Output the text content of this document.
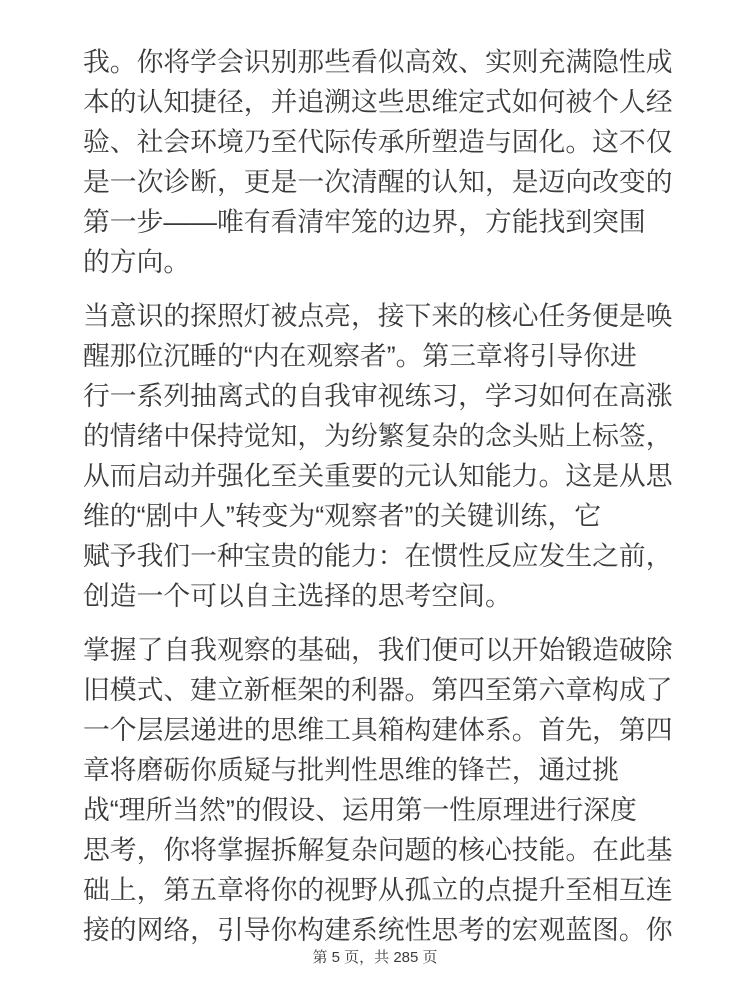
我。你将学会识别那些看似高效、实则充满隐性成
本的认知捷径，并追溯这些思维定式如何被个人经
验、社会环境乃至代际传承所塑造与固化。这不仅
是一次诊断，更是一次清醒的认知，是迈向改变的
第一步——唯有看清牢笼的边界，方能找到突围
的方向。
当意识的探照灯被点亮，接下来的核心任务便是唤
醒那位沉睡的“内在观察者”。第三章将引导你进
行一系列抽离式的自我审视练习，学习如何在高涨
的情绪中保持觉知，为纷繁复杂的念头贴上标签，
从而启动并强化至关重要的元认知能力。这是从思
维的“剧中人”转变为“观察者”的关键训练，它
赋予我们一种宝贵的能力：在惯性反应发生之前，
创造一个可以自主选择的思考空间。
掌握了自我观察的基础，我们便可以开始锻造破除
旧模式、建立新框架的利器。第四至第六章构成了
一个层层递进的思维工具箱构建体系。首先，第四
章将磨砺你质疑与批判性思维的锋芒，通过挑
战“理所当然”的假设、运用第一性原理进行深度
思考，你将掌握拆解复杂问题的核心技能。在此基
础上，第五章将你的视野从孤立的点提升至相互连
接的网络，引导你构建系统性思考的宏观蓝图。你
第 5 页，共 285 页
